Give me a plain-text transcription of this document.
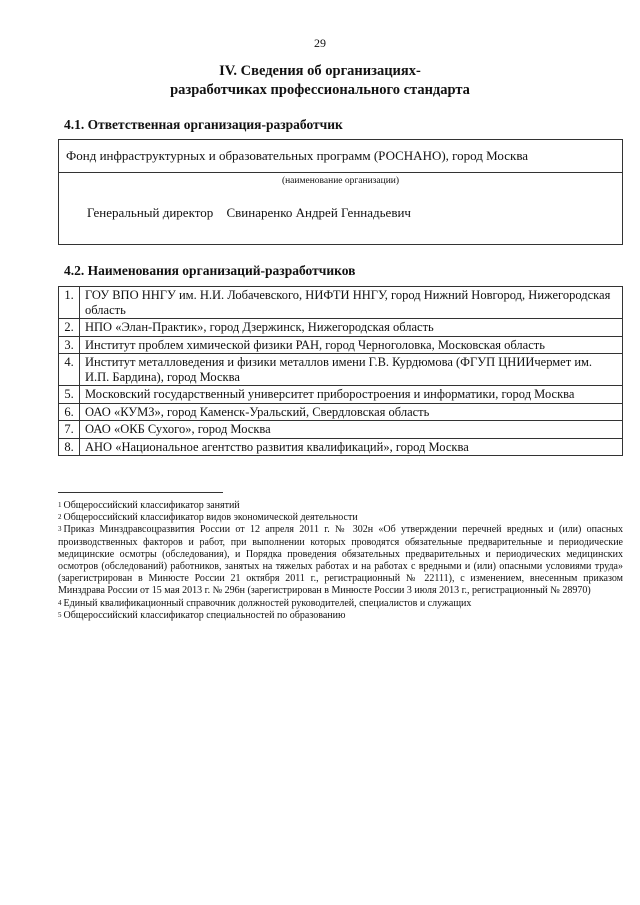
29
IV. Сведения об организациях-
разработчиках профессионального стандарта
4.1. Ответственная организация-разработчик
Фонд инфраструктурных и образовательных программ (РОСНАНО), город Москва
(наименование организации)
Генеральный директор Свинаренко Андрей Геннадьевич
4.2. Наименования организаций-разработчиков
1.	ГОУ ВПО ННГУ им. Н.И. Лобачевского, НИФТИ ННГУ, город Нижний Новгород, Нижегородская область
2.	НПО «Элан-Практик», город Дзержинск, Нижегородская область
3.	Институт проблем химической физики РАН, город Черноголовка, Московская область
4.	Институт металловедения и физики металлов имени Г.В. Курдюмова (ФГУП ЦНИИчермет им. И.П. Бардина), город Москва
5.	Московский государственный университет приборостроения и информатики, город Москва
6.	ОАО «КУМЗ», город Каменск-Уральский, Свердловская область
7.	ОАО «ОКБ Сухого», город Москва
8.	АНО «Национальное агентство развития квалификаций», город Москва

$^1$ Общероссийский классификатор занятий

$^2$ Общероссийский классификатор видов экономической деятельности

$^3$ Приказ Минздравсоцразвития России от 12 апреля 2011 г. № 302н «Об утверждении перечней вредных и (или) опасных производственных факторов и работ, при выполнении которых проводятся обязательные предварительные и периодические медицинские осмотры (обследования), и Порядка проведения обязательных предварительных и периодических медицинских осмотров (обследований) работников, занятых на тяжелых работах и на работах с вредными и (или) опасными условиями труда» (зарегистрирован в Минюсте России 21 октября 2011 г., регистрационный № 22111), с изменением, внесенным приказом Минздрава России от 15 мая 2013 г. № 296н (зарегистрирован в Минюсте России 3 июля 2013 г., регистрационный № 28970)

$^4$ Единый квалификационный справочник должностей руководителей, специалистов и служащих

$^5$ Общероссийский классификатор специальностей по образованию
